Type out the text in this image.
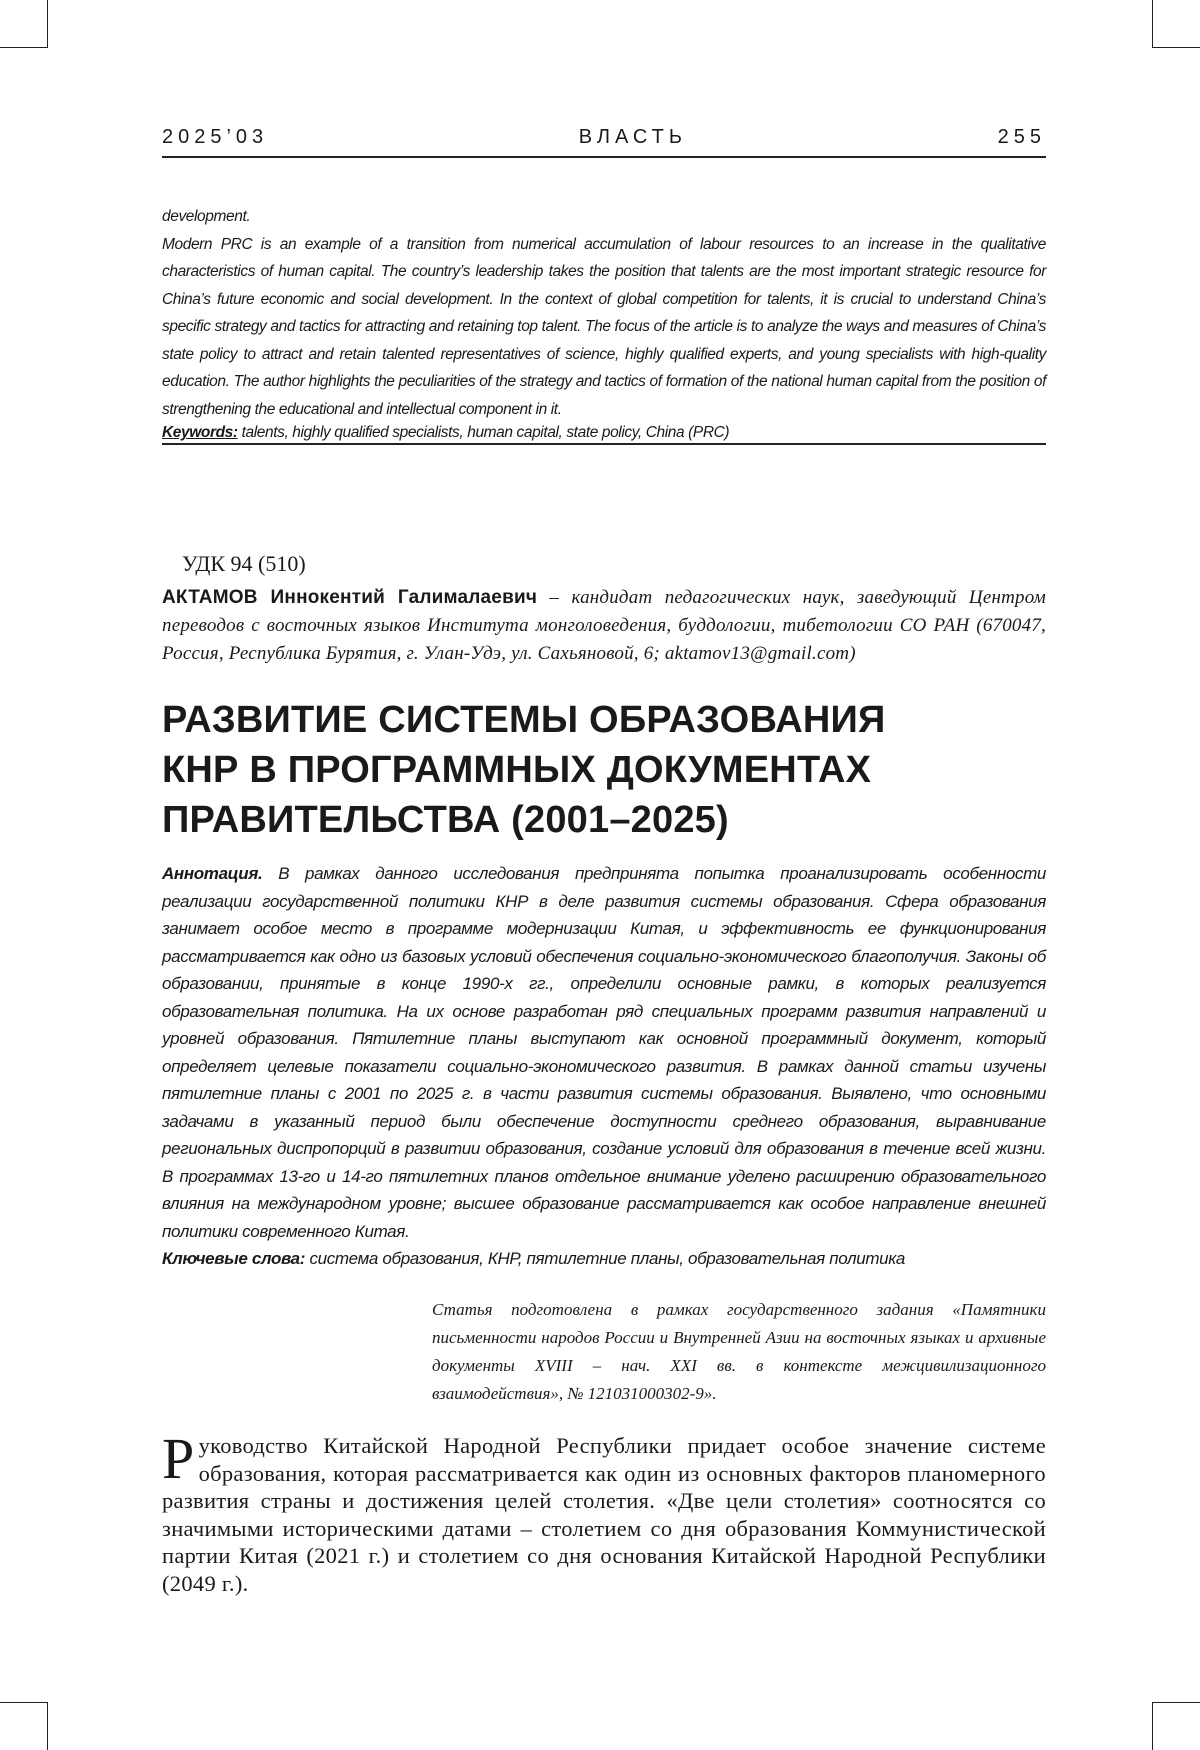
2025’03	ВЛАСТЬ	255

development.

Modern PRC is an example of a transition from numerical accumulation of labour resources to an increase in the qualitative characteristics of human capital. The country’s leadership takes the position that talents are the most important strategic resource for China’s future economic and social development. In the context of global competition for talents, it is crucial to understand China’s specific strategy and tactics for attracting and retaining top talent. The focus of the article is to analyze the ways and measures of China’s state policy to attract and retain talented representatives of science, highly qualified experts, and young specialists with high-quality education. The author highlights the peculiarities of the strategy and tactics of formation of the national human capital from the position of strengthening the educational and intellectual component in it.

Keywords: talents, highly qualified specialists, human capital, state policy, China (PRC)

УДК 94 (510)
АКТАМОВ Иннокентий Галималаевич – кандидат педагогических наук, заведующий Центром переводов с восточных языков Института монголоведения, буддологии, тибетологии СО РАН (670047, Россия, Республика Бурятия, г. Улан-Удэ, ул. Сахьяновой, 6; aktamov13@gmail.com)
РАЗВИТИЕ СИСТЕМЫ ОБРАЗОВАНИЯ
КНР В ПРОГРАММНЫХ ДОКУМЕНТАХ
ПРАВИТЕЛЬСТВА (2001–2025)

Аннотация. В рамках данного исследования предпринята попытка проанализировать особенности реализации государственной политики КНР в деле развития системы образования. Сфера образования занимает особое место в программе модернизации Китая, и эффективность ее функционирования рассматривается как одно из базовых условий обеспечения социально-экономического благополучия. Законы об образовании, принятые в конце 1990-х гг., определили основные рамки, в которых реализуется образовательная политика. На их основе разработан ряд специальных программ развития направлений и уровней образования. Пятилетние планы выступают как основной программный документ, который определяет целевые показатели социально-экономического развития. В рамках данной статьи изучены пятилетние планы с 2001 по 2025 г. в части развития системы образования. Выявлено, что основными задачами в указанный период были обеспечение доступности среднего образования, выравнивание региональных диспропорций в развитии образования, создание условий для образования в течение всей жизни. В программах 13-го и 14-го пятилетних планов отдельное внимание уделено расширению образовательного влияния на международном уровне; высшее образование рассматривается как особое направление внешней политики современного Китая.

Ключевые слова: система образования, КНР, пятилетние планы, образовательная политика

Статья подготовлена в рамках государственного задания «Памятники письменности народов России и Внутренней Азии на восточных языках и архивные документы XVIII – нач. XXI вв. в контексте межцивилизационного взаимодействия», № 121031000302-9».
Р уководство Китайской Народной Республики придает особое значение системе образования, которая рассматривается как один из основных факторов планомерного развития страны и достижения целей столетия. «Две цели столетия» соотносятся со значимыми историческими датами – столетием со дня образования Коммунистической партии Китая (2021 г.) и столетием со дня основания Китайской Народной Республики (2049 г.).
